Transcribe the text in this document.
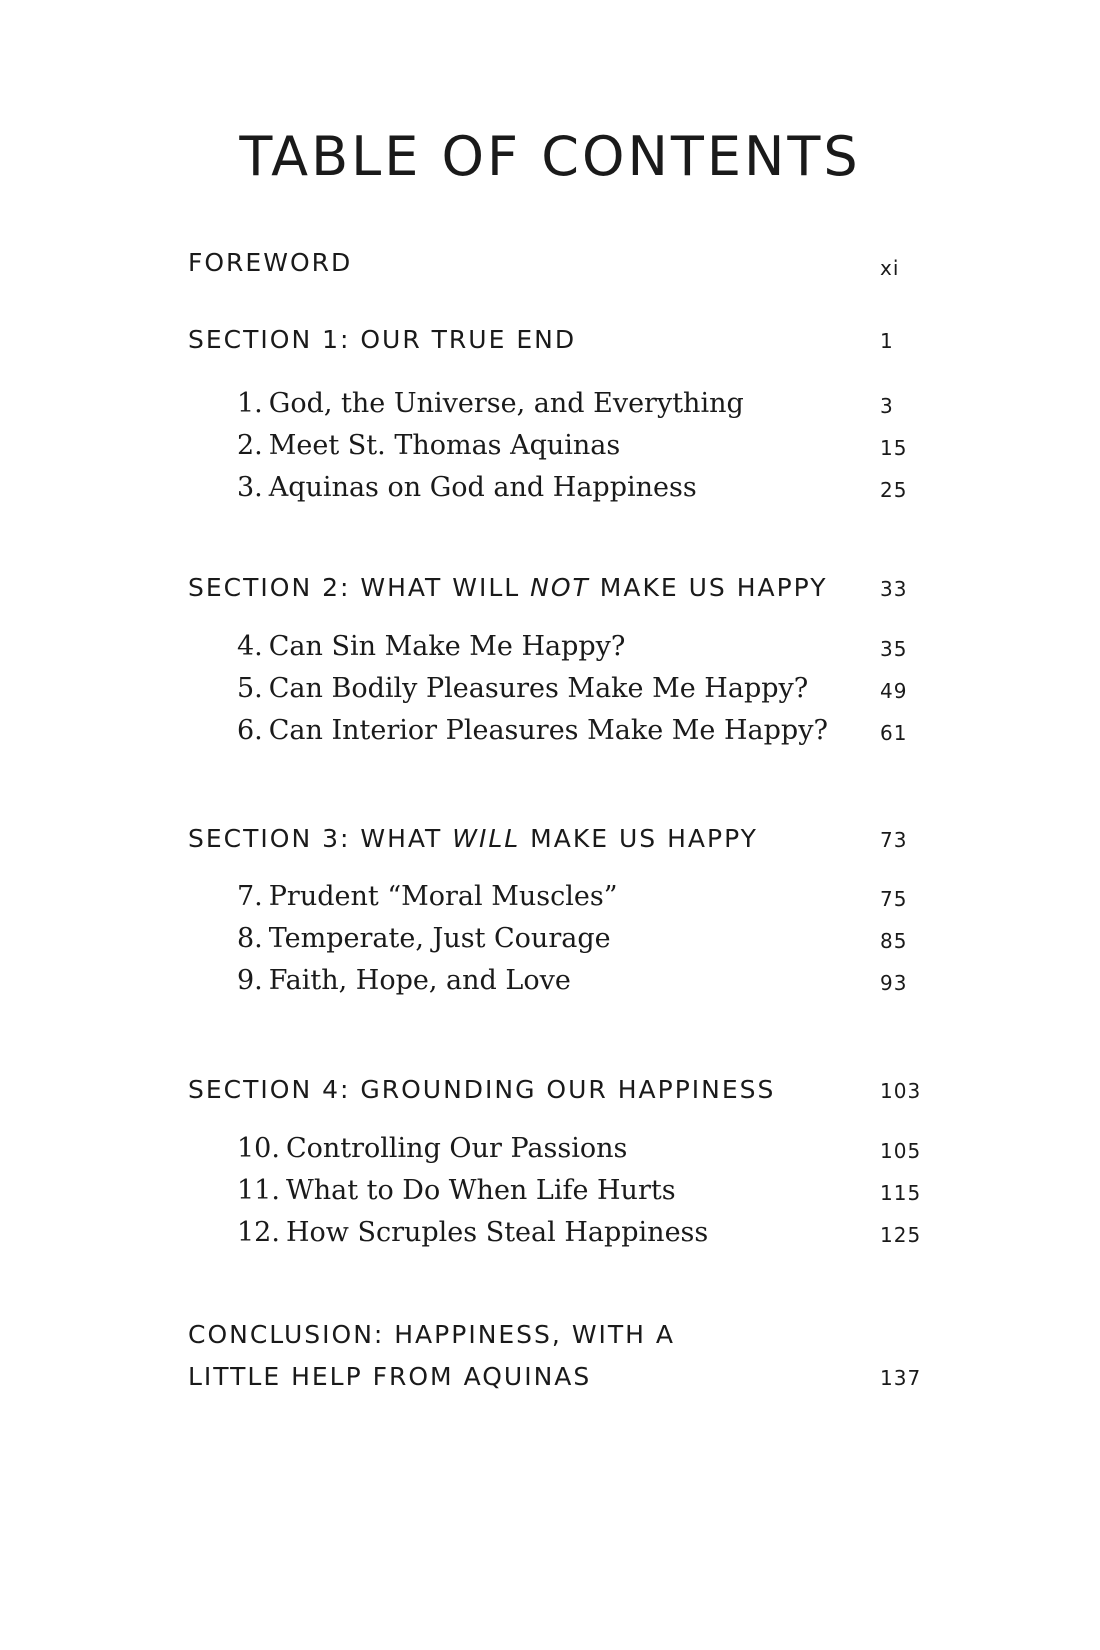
TABLE OF CONTENTS
FOREWORD	xi
SECTION 1: OUR TRUE END	1
1. God, the Universe, and Everything	3
2. Meet St. Thomas Aquinas	15
3. Aquinas on God and Happiness	25
SECTION 2: WHAT WILL NOT MAKE US HAPPY	33
4. Can Sin Make Me Happy?	35
5. Can Bodily Pleasures Make Me Happy?	49
6. Can Interior Pleasures Make Me Happy?	61
SECTION 3: WHAT WILL MAKE US HAPPY	73
7. Prudent “Moral Muscles”	75
8. Temperate, Just Courage	85
9. Faith, Hope, and Love	93
SECTION 4: GROUNDING OUR HAPPINESS	103
10. Controlling Our Passions	105
11. What to Do When Life Hurts	115
12. How Scruples Steal Happiness	125
CONCLUSION: HAPPINESS, WITH A
LITTLE HELP FROM AQUINAS	137
